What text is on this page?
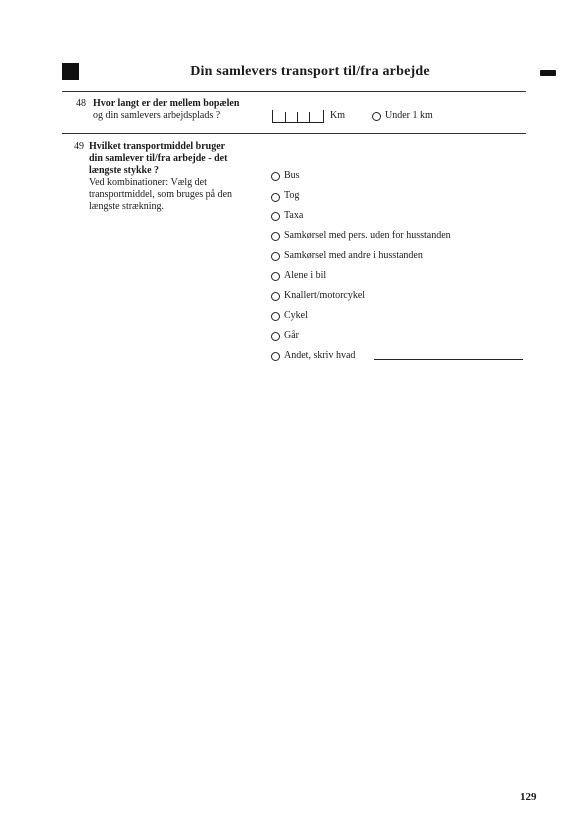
Din samlevers transport til/fra arbejde
48 Hvor langt er der mellem bopælen
og din samlevers arbejdsplads ?	Km	Under 1 km
49 Hvilket transportmiddel bruger
din samlever til/fra arbejde - det
længste stykke ?
Ved kombinationer: Vælg det
transportmiddel, som bruges på den
længste strækning.
Bus
Tog
Taxa
Samkørsel med pers. uden for husstanden
Samkørsel med andre i husstanden
Alene i bil
Knallert/motorcykel
Cykel
Går
Andet, skriv hvad
129
